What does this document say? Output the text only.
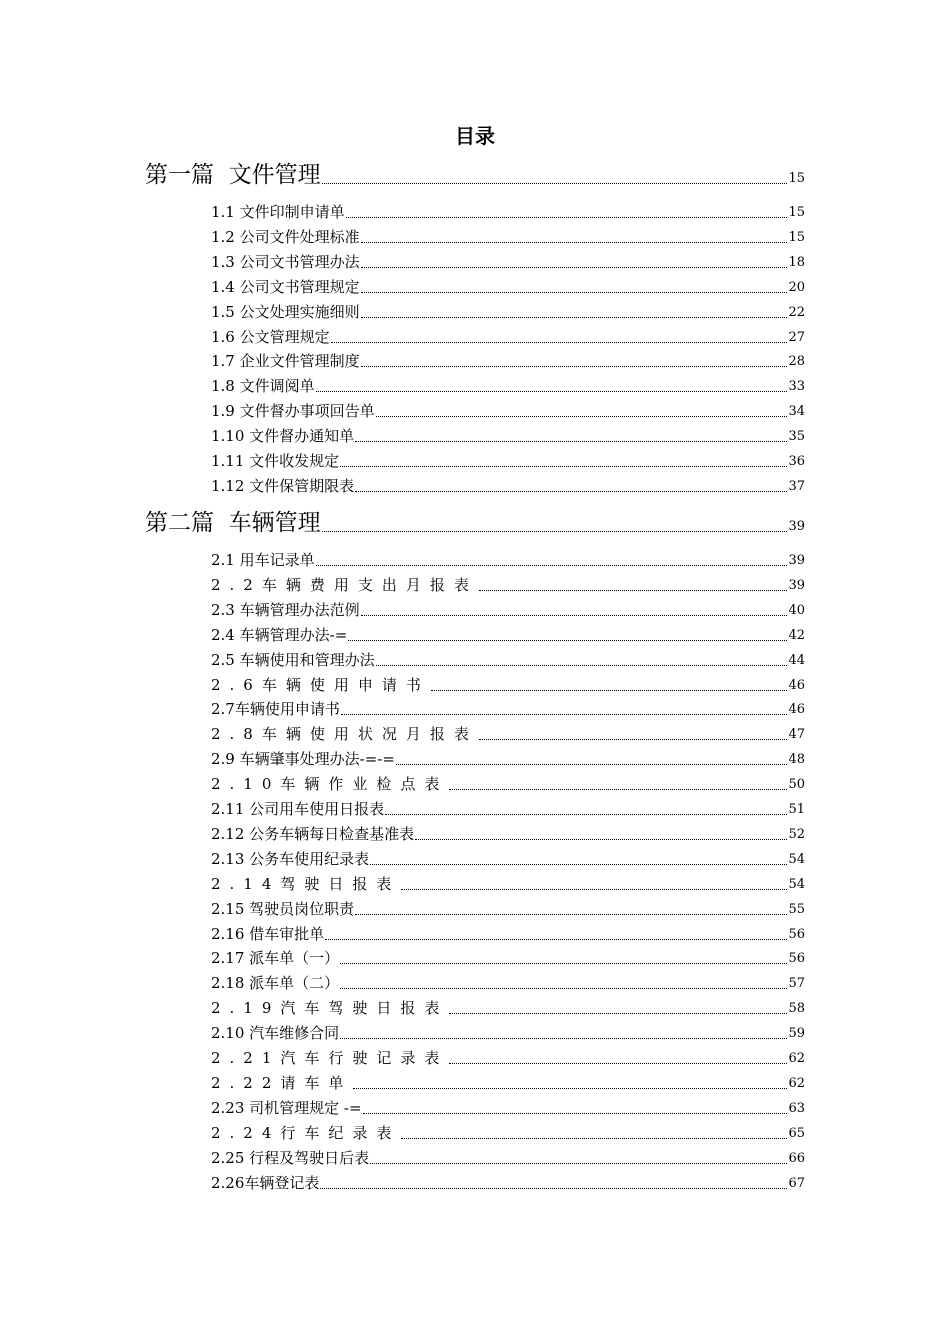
目录
第一篇  文件管理	15
1.1 文件印制申请单	15
1.2 公司文件处理标准	15
1.3 公司文书管理办法	18
1.4 公司文书管理规定	20
1.5 公文处理实施细则	22
1.6 公文管理规定	27
1.7 企业文件管理制度	28
1.8 文件调阅单	33
1.9 文件督办事项回告单	34
1.10 文件督办通知单	35
1.11 文件收发规定	36
1.12 文件保管期限表	37
第二篇  车辆管理	39
2.1 用车记录单	39
2.2车辆费用支出月报表	39
2.3 车辆管理办法范例	40
2.4 车辆管理办法-=	42
2.5 车辆使用和管理办法	44
2.6车辆使用申请书	46
2.7车辆使用申请书	46
2.8车辆使用状况月报表	47
2.9 车辆肇事处理办法-=-=	48
2.10车辆作业检点表	50
2.11 公司用车使用日报表	51
2.12 公务车辆每日检查基准表	52
2.13 公务车使用纪录表	54
2.14驾驶日报表	54
2.15 驾驶员岗位职责	55
2.16 借车审批单	56
2.17 派车单（一）	56
2.18 派车单（二）	57
2.19汽车驾驶日报表	58
2.10 汽车维修合同	59
2.21汽车行驶记录表	62
2.22请车单	62
2.23 司机管理规定 -=	63
2.24行车纪录表	65
2.25 行程及驾驶日后表	66
2.26车辆登记表	67
